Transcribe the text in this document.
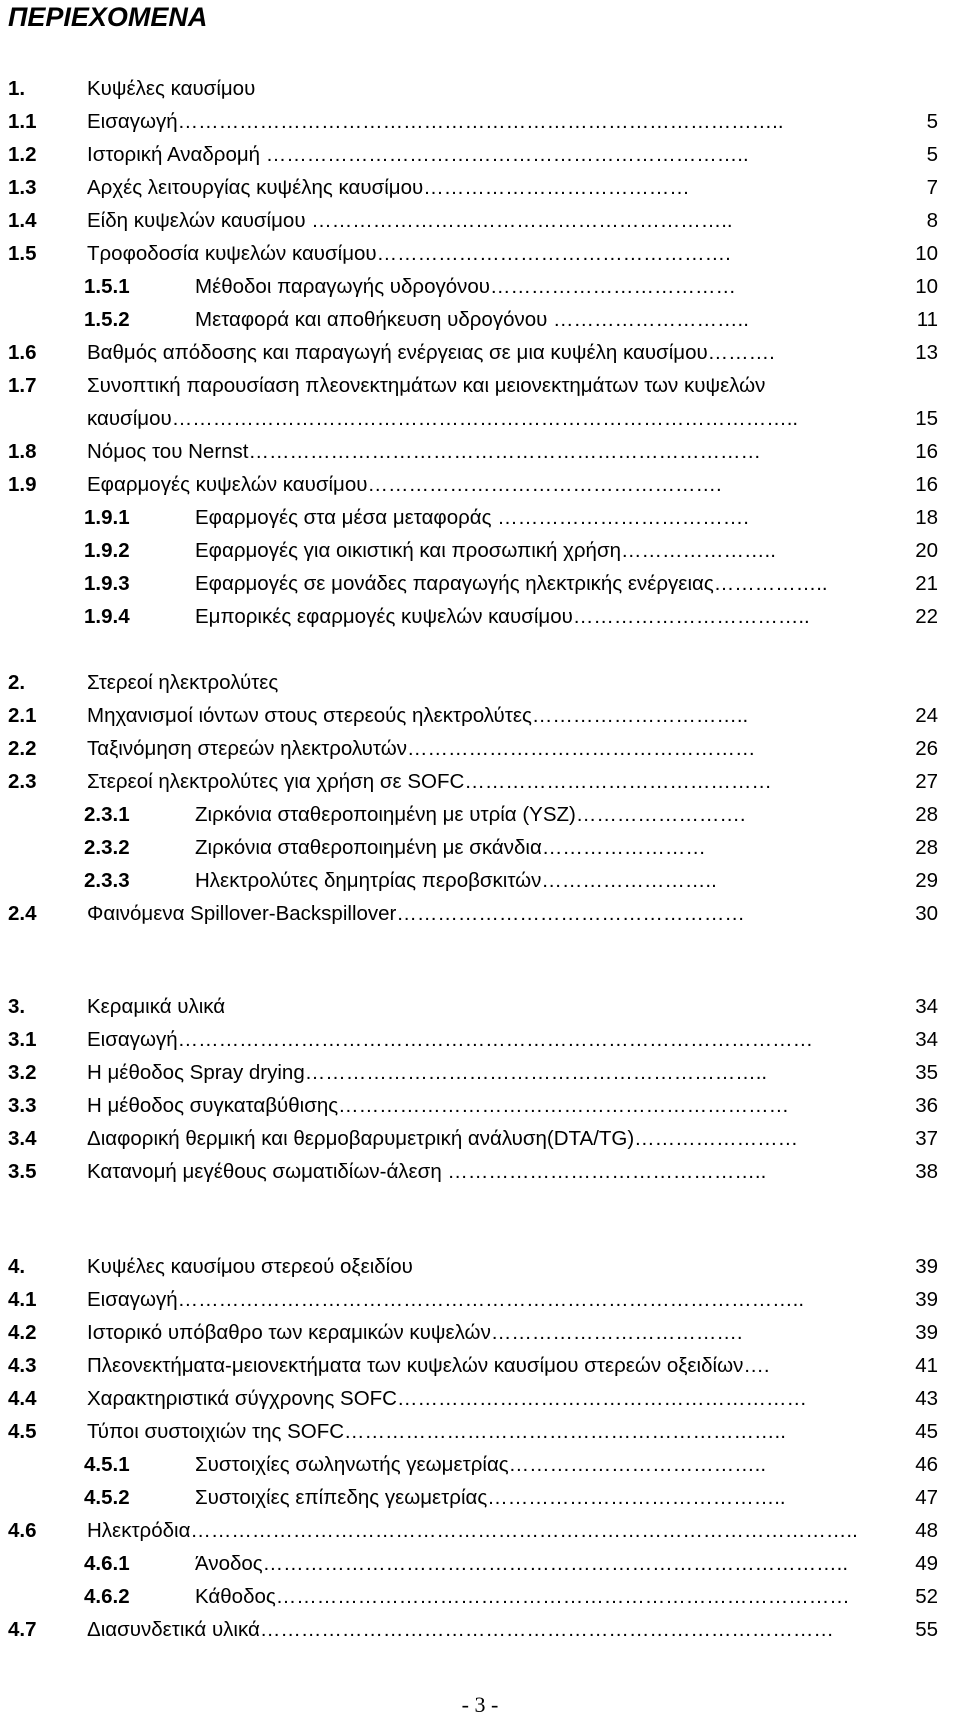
ΠΕΡΙΕΧΟΜΕΝΑ
1.	Κυψέλες καυσίμου
1.1 Εισαγωγή……………………………………………………………………………..	5
1.2 Ιστορική Αναδρομή ……………………………………………………………..	5
1.3 Αρχές λειτουργίας κυψέλης καυσίμου…………………………………	7
1.4 Είδη κυψελών καυσίμου ……………………………………………………..	8
1.5 Τροφοδοσία κυψελών καυσίμου…………………………………………….	10
1.5.1	Μέθοδοι παραγωγής υδρογόνου………………………………	10
1.5.2	Μεταφορά και αποθήκευση υδρογόνου ………………………..	11
1.6 Βαθμός απόδοσης και παραγωγή ενέργειας σε μια κυψέλη καυσίμου……….	13
1.7 Συνοπτική παρουσίαση πλεονεκτημάτων και μειονεκτημάτων των κυψελών
καυσίμου………………………………………………………………………………..	15
1.8 Νόμος του Nernst…………………………………………………………………	16
1.9 Εφαρμογές κυψελών καυσίμου…………………………………………….	16
1.9.1	Εφαρμογές στα μέσα μεταφοράς ……………………………….	18
1.9.2	Εφαρμογές για οικιστική και προσωπική χρήση…………………..	20
1.9.3	Εφαρμογές σε μονάδες παραγωγής ηλεκτρικής ενέργειας……………..	21
1.9.4	Εμπορικές εφαρμογές κυψελών καυσίμου……………………………..	22
2.	Στερεοί ηλεκτρολύτες
2.1 Μηχανισμοί ιόντων στους στερεούς ηλεκτρολύτες…………………………..	24
2.2 Ταξινόμηση στερεών ηλεκτρολυτών……………………………………………	26
2.3 Στερεοί ηλεκτρολύτες για χρήση σε SOFC………………………………………	27
2.3.1	Ζιρκόνια σταθεροποιημένη με υτρία (YSZ)…………………….	28
2.3.2	Ζιρκόνια σταθεροποιημένη με σκάνδια……………………	28
2.3.3	Ηλεκτρολύτες δημητρίας περοβσκιτών……………………..	29
2.4 Φαινόμενα Spillover-Backspillover……………………………………………	30
3.	Κεραμικά υλικά	34
3.1 Εισαγωγή…………………………………………………………………………………	34
3.2 Η μέθοδος Spray drying…………………………………………………………..	35
3.3 Η μέθοδος συγκαταβύθισης…………………………………………………………	36
3.4 Διαφορική θερμική και θερμοβαρυμετρική ανάλυση(DTA/TG)……………………	37
3.5 Κατανομή μεγέθους σωματιδίων-άλεση ………………………………………..	38
4.	Κυψέλες καυσίμου στερεού οξειδίου	39
4.1 Εισαγωγή………………………………………………………………………………..	39
4.2 Ιστορικό υπόβαθρο των κεραμικών κυψελών……………………………….	39
4.3 Πλεονεκτήματα-μειονεκτήματα των κυψελών καυσίμου στερεών οξειδίων….	41
4.4 Χαρακτηριστικά σύγχρονης SOFC……………………………………………………	43
4.5 Τύποι συστοιχιών της SOFC………………………………………………………..	45
4.5.1	Συστοιχίες σωληνωτής γεωμετρίας………………………………..	46
4.5.2	Συστοιχίες επίπεδης γεωμετρίας……………………………………..	47
4.6 Ηλεκτρόδια……………………………………………………………………………………..	48
4.6.1	Άνοδος…………………………………………………………………………..	49
4.6.2	Κάθοδος…………………………………………………………………………	52
4.7 Διασυνδετικά υλικά…………………………………………………………………………	55
- 3 -
